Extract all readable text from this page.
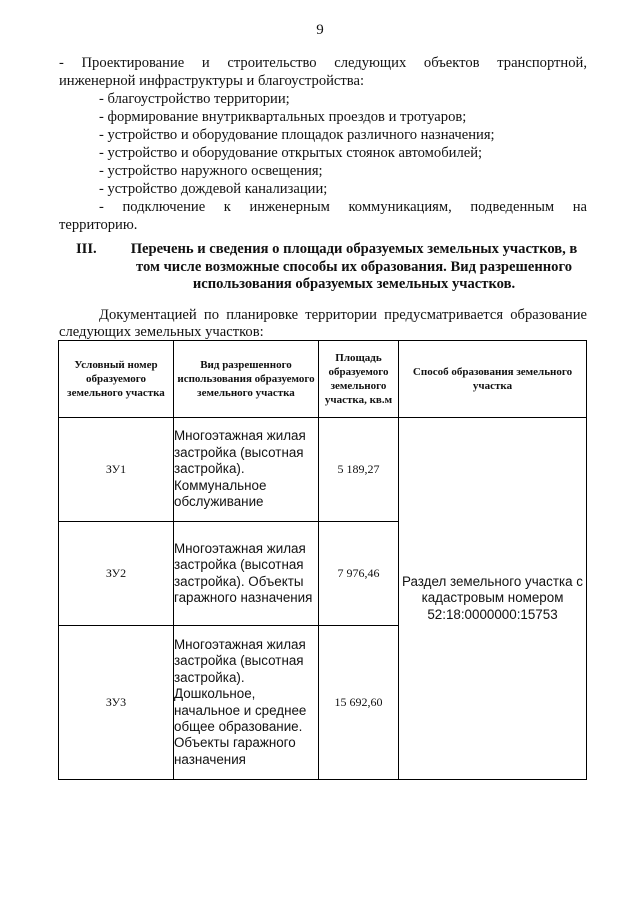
9
- Проектирование и строительство следующих объектов транспортной,
инженерной инфраструктуры и благоустройства:
- благоустройство территории;
- формирование внутриквартальных проездов и тротуаров;
- устройство и оборудование площадок различного назначения;
- устройство и оборудование открытых стоянок автомобилей;
- устройство наружного освещения;
- устройство дождевой канализации;
- подключение к инженерным коммуникациям, подведенным на
территорию.
III.	Перечень и сведения о площади образуемых земельных участков, в том числе возможные способы их образования. Вид разрешенного использования образуемых земельных участков.
Документацией по планировке территории предусматривается образование
следующих земельных участков:
Условный номер образуемого земельного участка	Вид разрешенного использования образуемого земельного участка	Площадь образуемого земельного участка, кв.м	Способ образования земельного участка
ЗУ1	Многоэтажная жилая застройка (высотная застройка). Коммунальное обслуживание	5 189,27	Раздел земельного участка с кадастровым номером 52:18:0000000:15753
ЗУ2	Многоэтажная жилая застройка (высотная застройка). Объекты гаражного назначения	7 976,46	
ЗУ3	Многоэтажная жилая застройка (высотная застройка). Дошкольное, начальное и среднее общее образование. Объекты гаражного назначения	15 692,60	
